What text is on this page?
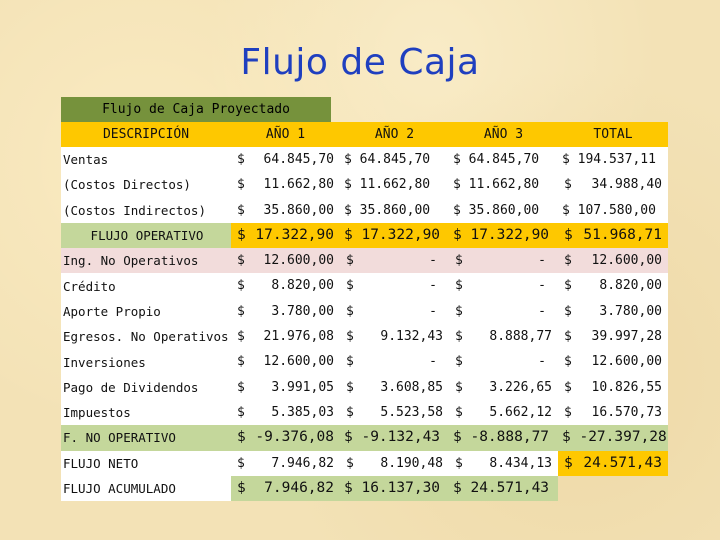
Flujo de Caja
Flujo de Caja Proyectado
DESCRIPCIÓN	AÑO 1	AÑO 2	AÑO 3	TOTAL
Ventas	$ 64.845,70	$ 64.845,70	$ 64.845,70	$ 194.537,11

(Costos Directos)	$ 11.662,80	$ 11.662,80	$ 11.662,80	$ 34.988,40

(Costos Indirectos)	$ 35.860,00	$ 35.860,00	$ 35.860,00	$ 107.580,00

FLUJO OPERATIVO	$ 17.322,90	$ 17.322,90	$ 17.322,90	$ 51.968,71

Ing. No Operativos	$ 12.600,00	$ -	$ -	$ 12.600,00

Crédito	$ 8.820,00	$ -	$ -	$ 8.820,00

Aporte Propio	$ 3.780,00	$ -	$ -	$ 3.780,00

Egresos. No Operativos	$ 21.976,08	$ 9.132,43	$ 8.888,77	$ 39.997,28

Inversiones	$ 12.600,00	$ -	$ -	$ 12.600,00

Pago de Dividendos	$ 3.991,05	$ 3.608,85	$ 3.226,65	$ 10.826,55

Impuestos	$ 5.385,03	$ 5.523,58	$ 5.662,12	$ 16.570,73

F. NO OPERATIVO	$ -9.376,08	$ -9.132,43	$ -8.888,77	$ -27.397,28

FLUJO NETO	$ 7.946,82	$ 8.190,48	$ 8.434,13	$ 24.571,43

FLUJO ACUMULADO	$ 7.946,82	$ 16.137,30	$ 24.571,43	
